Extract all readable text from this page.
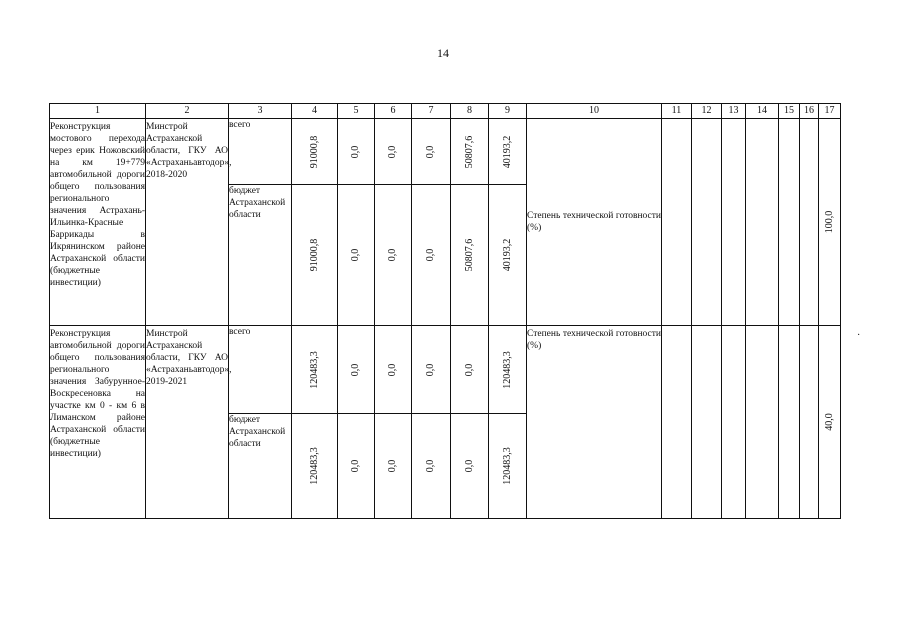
14
1	2	3	4	5	6	7	8	9	10	11	12	13	14	15	16	17
Реконструкция мостового перехода через ерик Ножовский на км 19+779 автомобильной дороги общего пользования регионального значения Астрахань-Ильинка-Красные Баррикады в Икрянинском районе Астраханской области (бюджетные инвестиции)	Минстрой Астраханской области, ГКУ АО «Астраханьавтодор», 2018-2020	всего	91000,8	0,0	0,0	0,0	50807,6	40193,2	Степень технической готовности (%)							100,0

		бюджет Астраханской области	91000,8	0,0	0,0	0,0	50807,6	40193,2								

Реконструкция автомобильной дороги общего пользования регионального значения Забурунное-Воскресеновка на участке км 0 - км 6 в Лиманском районе Астраханской области (бюджетные инвестиции)	Минстрой Астраханской области, ГКУ АО «Астраханьавтодор», 2019-2021	всего	120483,3	0,0	0,0	0,0	0,0	120483,3	Степень технической готовности (%)							40,0

		бюджет Астраханской области	120483,3	0,0	0,0	0,0	0,0	120483,3								
·
